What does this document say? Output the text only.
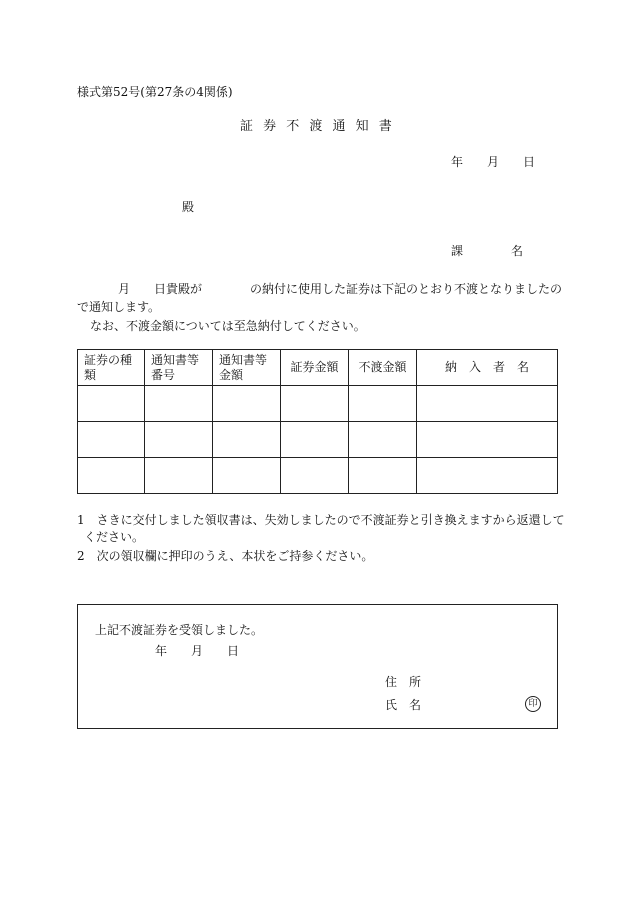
様式第52号(第27条の4関係)
証 券 不 渡 通 知 書
年　　月　　日
殿
課　　　　名
月　　日貴殿が　　　　の納付に使用した証券は下記のとおり不渡となりましたの
で通知します。
なお、不渡金額については至急納付してください。
証券の種類	通知書等番号	通知書等金額	証券金額	不渡金額	納　入　者　名

1　さきに交付しました領収書は、失効しましたので不渡証券と引き換えますから返還して
ください。
2　次の領収欄に押印のうえ、本状をご持参ください。
上記不渡証券を受領しました。
年　　月　　日
住　所
氏　名	印
